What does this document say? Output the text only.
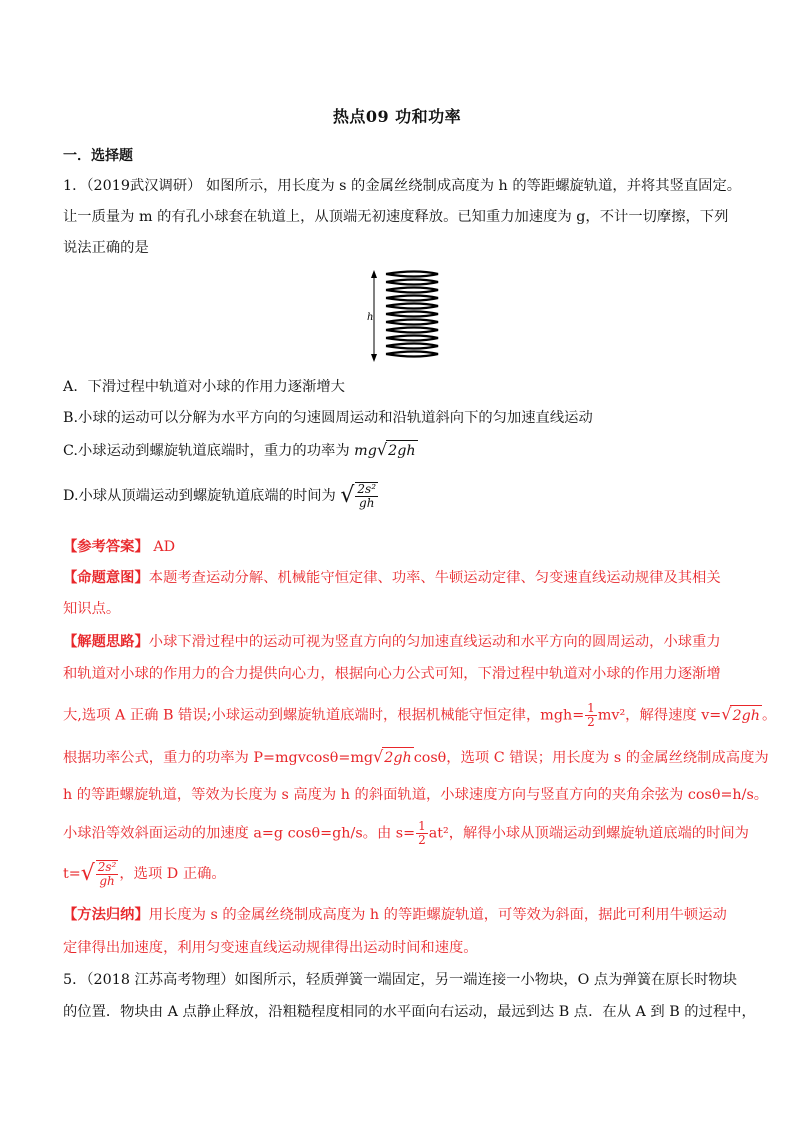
热点09 功和功率
一．选择题
1．（2019武汉调研） 如图所示，用长度为 s 的金属丝绕制成高度为 h 的等距螺旋轨道，并将其竖直固定。
让一质量为 m 的有孔小球套在轨道上，从顶端无初速度释放。已知重力加速度为 g，不计一切摩擦，下列
说法正确的是
h
A．下滑过程中轨道对小球的作用力逐渐增大
B.小球的运动可以分解为水平方向的匀速圆周运动和沿轨道斜向下的匀加速直线运动
C.小球运动到螺旋轨道底端时，重力的功率为 mg√2gh
D.小球从顶端运动到螺旋轨道底端的时间为 √ $\frac{\text{2s²}}{gh}$
【参考答案】 AD
【命题意图】本题考查运动分解、机械能守恒定律、功率、牛顿运动定律、匀变速直线运动规律及其相关
知识点。
【解题思路】小球下滑过程中的运动可视为竖直方向的匀加速直线运动和水平方向的圆周运动，小球重力
和轨道对小球的作用力的合力提供向心力，根据向心力公式可知，下滑过程中轨道对小球的作用力逐渐增
大,选项 A 正确 B 错误;小球运动到螺旋轨道底端时，根据机械能守恒定律，$mgh= \frac{1}{2} mv^2$，解得速度 v=√2gh 。
根据功率公式，重力的功率为 P=mgvcosθ=mg√2gh cosθ，选项 C 错误；用长度为 s 的金属丝绕制成高度为
h 的等距螺旋轨道，等效为长度为 s 高度为 h 的斜面轨道，小球速度方向与竖直方向的夹角余弦为 cosθ=h/s。
小球沿等效斜面运动的加速度 a=g cosθ=gh/s。由 $s= \frac{1}{2} at^2$，解得小球从顶端运动到螺旋轨道底端的时间为
$t=√ \frac{\text{2s²}}{gh}$ ，选项 D 正确。
【方法归纳】用长度为 s 的金属丝绕制成高度为 h 的等距螺旋轨道，可等效为斜面，据此可利用牛顿运动
定律得出加速度，利用匀变速直线运动规律得出运动时间和速度。
5．（2018 江苏高考物理）如图所示，轻质弹簧一端固定，另一端连接一小物块，O 点为弹簧在原长时物块
的位置．物块由 A 点静止释放，沿粗糙程度相同的水平面向右运动，最远到达 B 点．在从 A 到 B 的过程中，
